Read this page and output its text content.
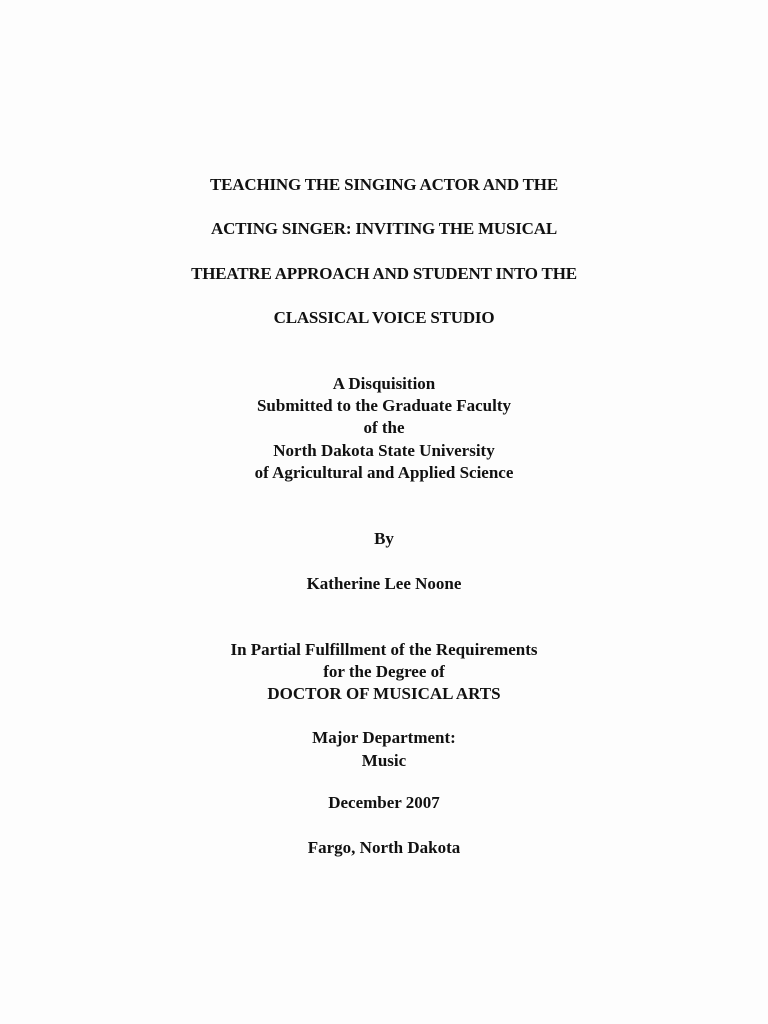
TEACHING THE SINGING ACTOR AND THE
ACTING SINGER: INVITING THE MUSICAL
THEATRE APPROACH AND STUDENT INTO THE
CLASSICAL VOICE STUDIO
A Disquisition
Submitted to the Graduate Faculty
of the
North Dakota State University
of Agricultural and Applied Science
By
Katherine Lee Noone
In Partial Fulfillment of the Requirements
for the Degree of
DOCTOR OF MUSICAL ARTS
Major Department:
Music
December 2007
Fargo, North Dakota
